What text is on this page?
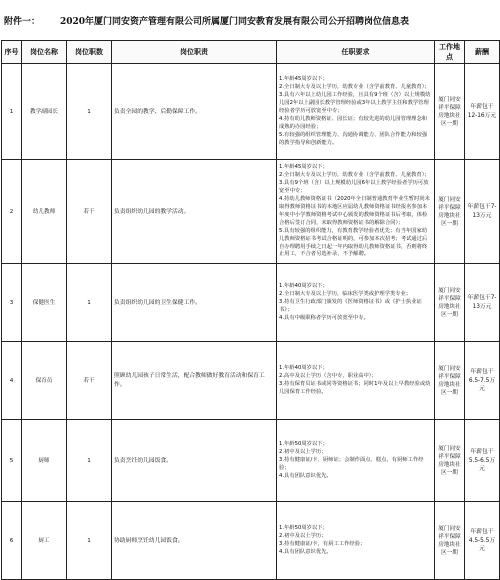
附件一： 2020年厦门同安资产管理有限公司所属厦门同安教育发展有限公司公开招聘岗位信息表
序号	岗位名称	岗位职数	岗位职责	任职要求	工作地点	薪酬
1	教学副园长	1	负责全园的教学、后勤保障工作。	1.年龄45周岁以下；
2.全日制大专及以上学历，幼教专业（含学前教育、儿童教育）；
3.具有六年以上幼儿园工作经验，且具有9个班（含）以上规模幼儿园2年以上副园长教学管理经验或3年以上教学主任和教学管理经验者学历可放宽至中专；
4.持有幼儿教师资格证、园长证；有较先进的幼儿园管理理念和成熟的办园经验；
5.有较强的组织管理能力、沟通协调能力、团队合作能力和较强的教学指导和创新能力。	厦门同安祥平保障房地块社区一期	年薪包干12-16万元
2	幼儿教师	若干	负责组织幼儿园的教学活动。	1.年龄45周岁以下；
2.全日制大专及以上学历，幼教专业（含学前教育、儿童教育）；
3.具有9个班（含）以上规模幼儿园6年以上教学经验者学历可放宽至中专；
4.持幼儿教师资格证书（2020年全日制普通教育毕业生暂时尚未取得教师资格证书的本地区应届幼儿教师资格证书经报名参加本年度中小学教师资格考试中心颁发的教师资格证书后考取，体检合格后签订合同，未取得教师资格证书的解除合同）；
5.具有较强的组织能力，有教育教学经验者优先；有当年国家幼儿教师资格证书考试合格证明的，可参加本次招考；考试通过后自办理聘用手续之日起一年内取得幼儿教师资格证书，否则将终止用工，不合者另选补录，不予解聘。	厦门同安祥平保障房地块社区一期	年薪包干7-13万元
3	保健医生	1	负责组织幼儿园的卫生保健工作。	1.年龄40周岁以下；
2.全日制大专及以上学历，临床医学类或护理学类专业；
3.持有卫生行政部门颁发的《医师资格证书》或《护士执业证书》；
4.具有中级职称者学历可放宽至中专。	厦门同安祥平保障房地块社区一期	年薪包干7-13万元
4	保育员	若干	照顾幼儿园孩子日常生活，配合教师做好教育活动和保育工作。	1.年龄40周岁以下；
2.高中及以上学历（含中专、职业高中）；
3.持有保育员证书或同等资格证书；同时1年及以上早教经验或幼儿园保育工作经验。	厦门同安祥平保障房地块社区一期	年薪包干6.5-7.5万元
5	厨师	1	负责烹饪幼儿园饭食。	1.年龄50周岁以下；
2.初中及以上学历；
3.持有健康证/卡、厨师证；会制作面点、糕点，有厨师工作经验；
4.具有团队意识优先。	厦门同安祥平保障房地块社区一期	年薪包干5.5-6.5万元
6	厨工	1	协助厨师烹饪幼儿园饭食。	1.年龄50周岁以下；
2.初中及以上学历；
3.持有健康证/卡，有厨工工作经验；
4.具有团队意识优先。	厦门同安祥平保障房地块社区一期	年薪包干4.5-5.5万元
